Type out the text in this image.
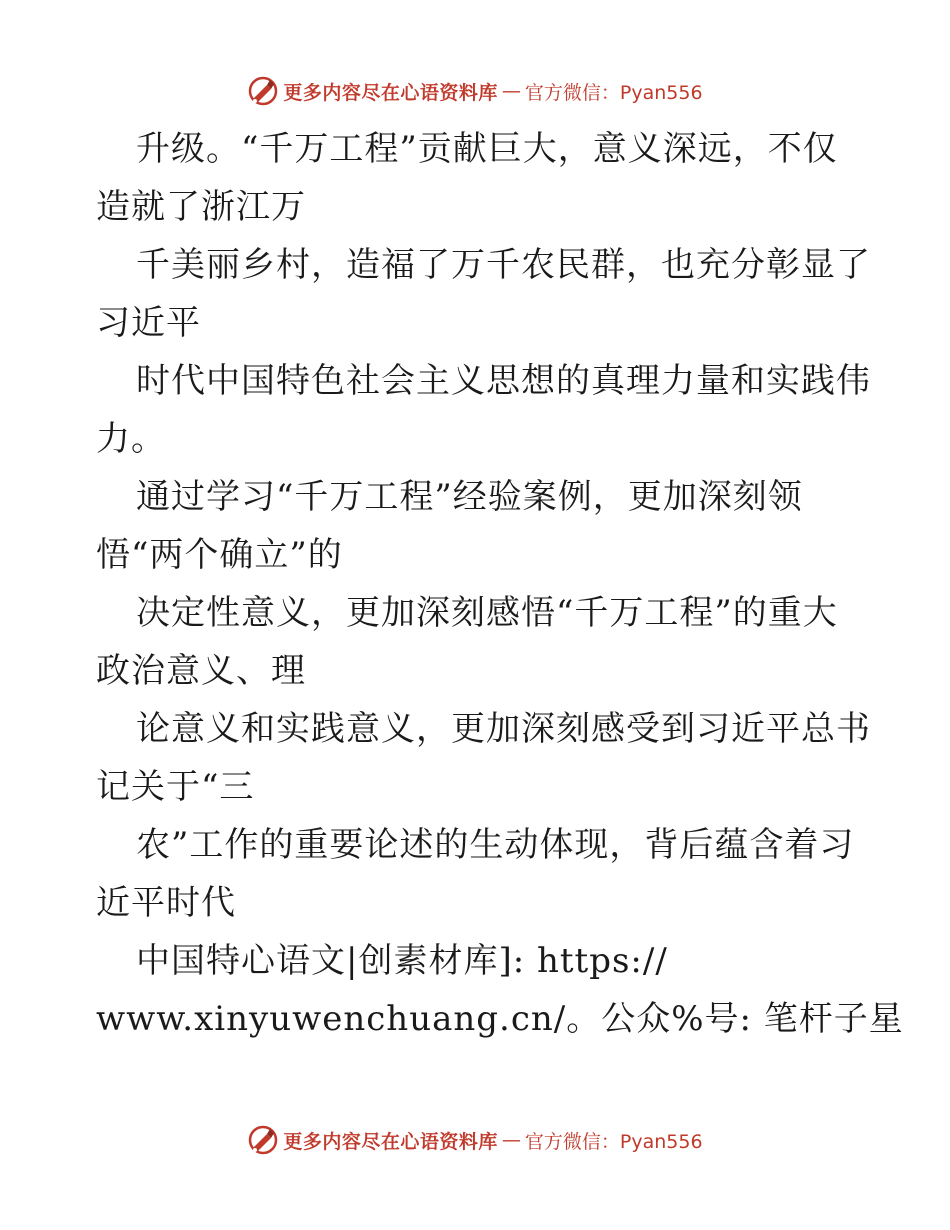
更多内容尽在心语资料库 — 官方微信：Pyan556
升级。“千万工程”贡献巨大，意义深远，不仅
造就了浙江万
千美丽乡村，造福了万千农民群，也充分彰显了
习近平
时代中国特色社会主义思想的真理力量和实践伟
力。
通过学习“千万工程”经验案例，更加深刻领
悟“两个确立”的
决定性意义，更加深刻感悟“千万工程”的重大
政治意义、理
论意义和实践意义，更加深刻感受到习近平总书
记关于“三
农”工作的重要论述的生动体现，背后蕴含着习
近平时代
中国特心语文|创素材库]: https://
www.xinyuwenchuang.cn/。公众%号: 笔杆子星
更多内容尽在心语资料库 — 官方微信：Pyan556
